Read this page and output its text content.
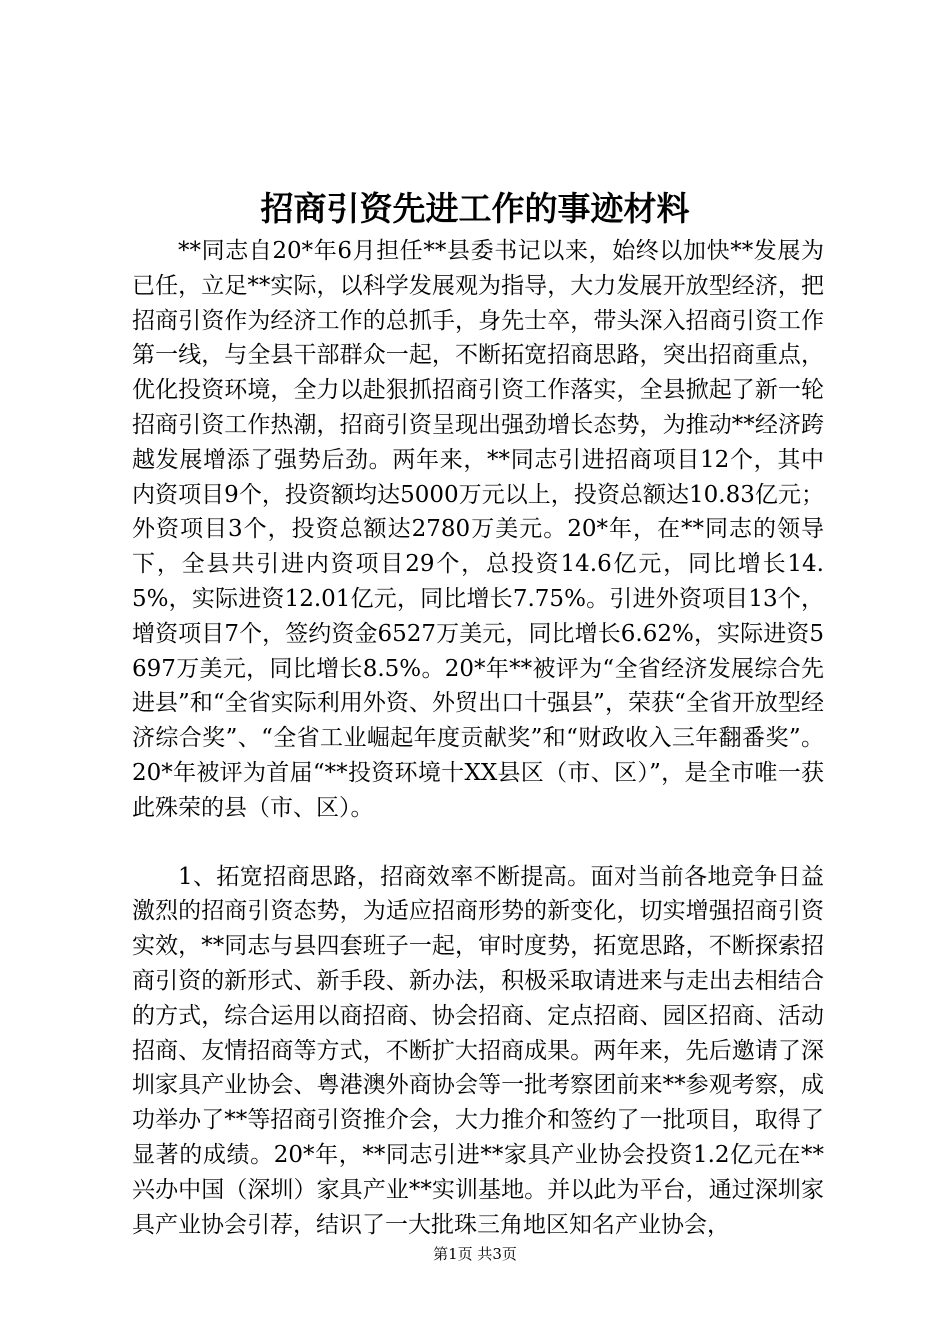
招商引资先进工作的事迹材料

**同志自20*年6月担任**县委书记以来，始终以加快**发展为已任，立足**实际，以科学发展观为指导，大力发展开放型经济，把招商引资作为经济工作的总抓手，身先士卒，带头深入招商引资工作第一线，与全县干部群众一起，不断拓宽招商思路，突出招商重点，优化投资环境，全力以赴狠抓招商引资工作落实，全县掀起了新一轮招商引资工作热潮，招商引资呈现出强劲增长态势，为推动**经济跨越发展增添了强势后劲。两年来，**同志引进招商项目12个，其中内资项目9个，投资额均达5000万元以上，投资总额达10.83亿元；外资项目3个，投资总额达2780万美元。20*年，在**同志的领导下，全县共引进内资项目29个，总投资14.6亿元，同比增长14.5%，实际进资12.01亿元，同比增长7.75%。引进外资项目13个，增资项目7个，签约资金6527万美元，同比增长6.62%，实际进资5697万美元，同比增长8.5%。20*年**被评为“全省经济发展综合先进县”和“全省实际利用外资、外贸出口十强县”，荣获“全省开放型经济综合奖”、“全省工业崛起年度贡献奖”和“财政收入三年翻番奖”。20*年被评为首届“**投资环境十XX县区（市、区）”，是全市唯一获此殊荣的县（市、区）。

1、拓宽招商思路，招商效率不断提高。面对当前各地竞争日益激烈的招商引资态势，为适应招商形势的新变化，切实增强招商引资实效，**同志与县四套班子一起，审时度势，拓宽思路，不断探索招商引资的新形式、新手段、新办法，积极采取请进来与走出去相结合的方式，综合运用以商招商、协会招商、定点招商、园区招商、活动招商、友情招商等方式，不断扩大招商成果。两年来，先后邀请了深圳家具产业协会、粤港澳外商协会等一批考察团前来**参观考察，成功举办了**等招商引资推介会，大力推介和签约了一批项目，取得了显著的成绩。20*年，**同志引进**家具产业协会投资1.2亿元在**兴办中国（深圳）家具产业**实训基地。并以此为平台，通过深圳家具产业协会引荐，结识了一大批珠三角地区知名产业协会，

第1页 共3页
